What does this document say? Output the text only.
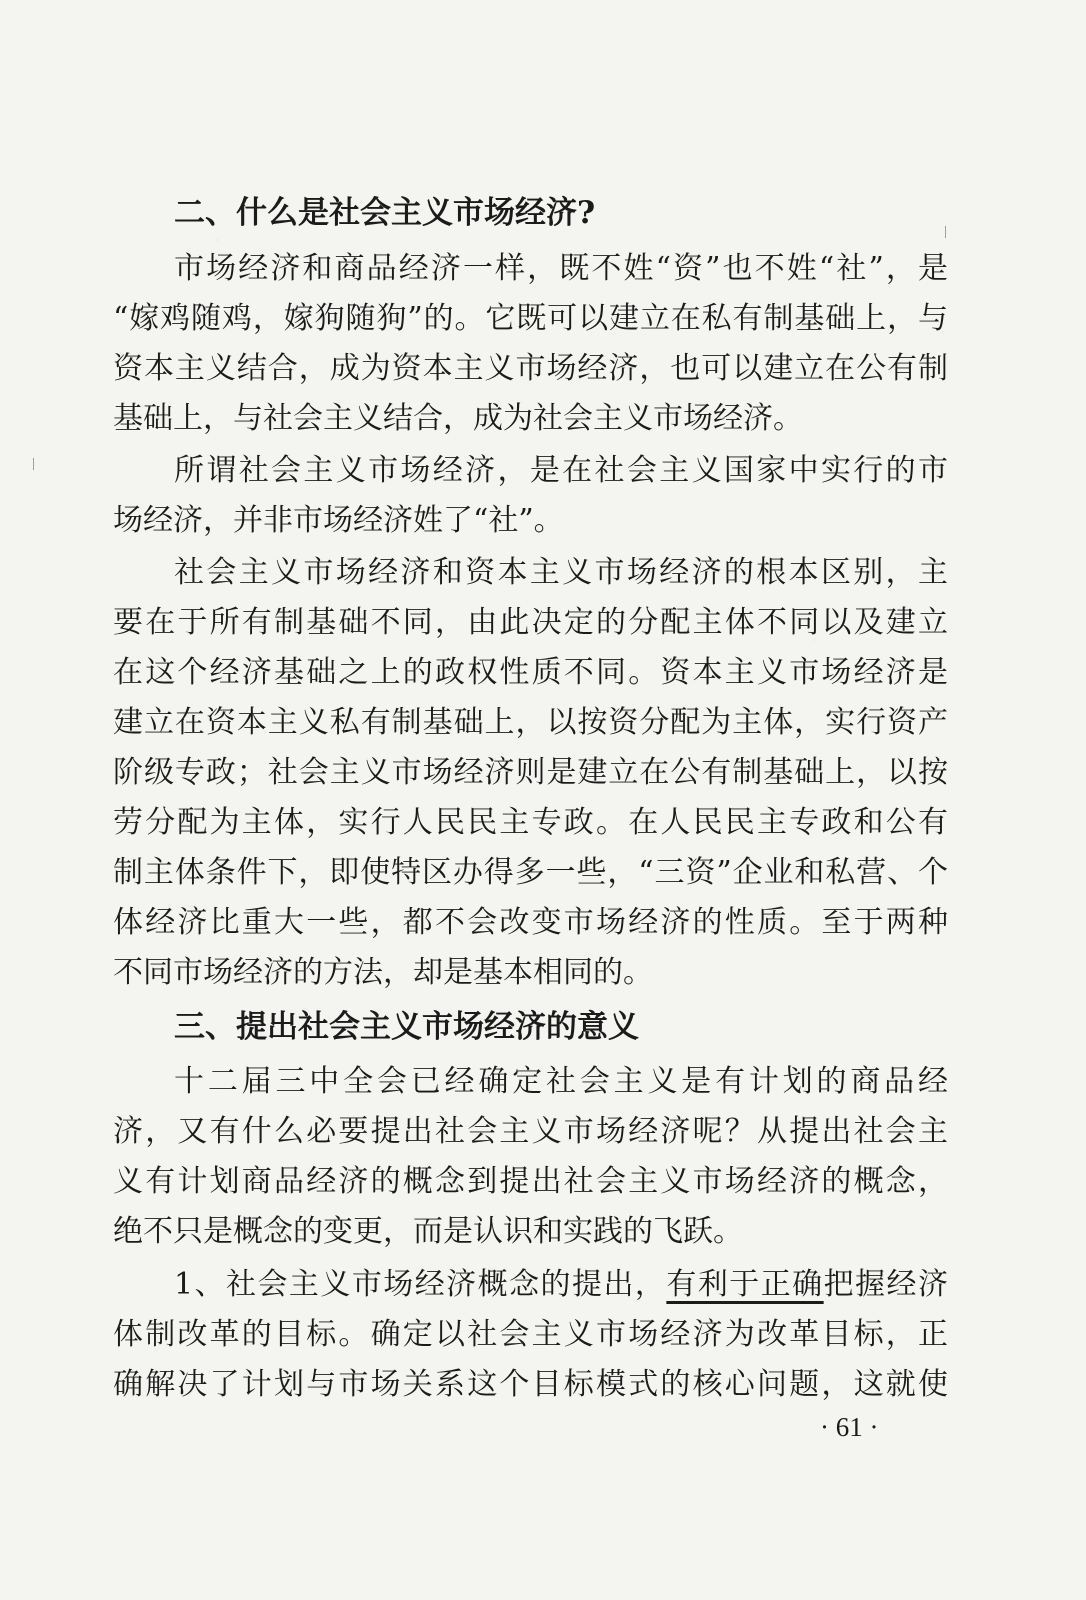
二、什么是社会主义市场经济?
市场经济和商品经济一样，既不姓“资”也不姓“社”，是
“嫁鸡随鸡，嫁狗随狗”的。它既可以建立在私有制基础上，与
资本主义结合，成为资本主义市场经济，也可以建立在公有制
基础上，与社会主义结合，成为社会主义市场经济。
所谓社会主义市场经济，是在社会主义国家中实行的市
场经济，并非市场经济姓了“社”。
社会主义市场经济和资本主义市场经济的根本区别，主
要在于所有制基础不同，由此决定的分配主体不同以及建立
在这个经济基础之上的政权性质不同。资本主义市场经济是
建立在资本主义私有制基础上，以按资分配为主体，实行资产
阶级专政；社会主义市场经济则是建立在公有制基础上，以按
劳分配为主体，实行人民民主专政。在人民民主专政和公有
制主体条件下，即使特区办得多一些，“三资”企业和私营、个
体经济比重大一些，都不会改变市场经济的性质。至于两种
不同市场经济的方法，却是基本相同的。
三、提出社会主义市场经济的意义
十二届三中全会已经确定社会主义是有计划的商品经
济，又有什么必要提出社会主义市场经济呢？从提出社会主
义有计划商品经济的概念到提出社会主义市场经济的概念，
绝不只是概念的变更，而是认识和实践的飞跃。
1、社会主义市场经济概念的提出，有利于正确把握经济
体制改革的目标。确定以社会主义市场经济为改革目标，正
确解决了计划与市场关系这个目标模式的核心问题，这就使
· 61 ·
